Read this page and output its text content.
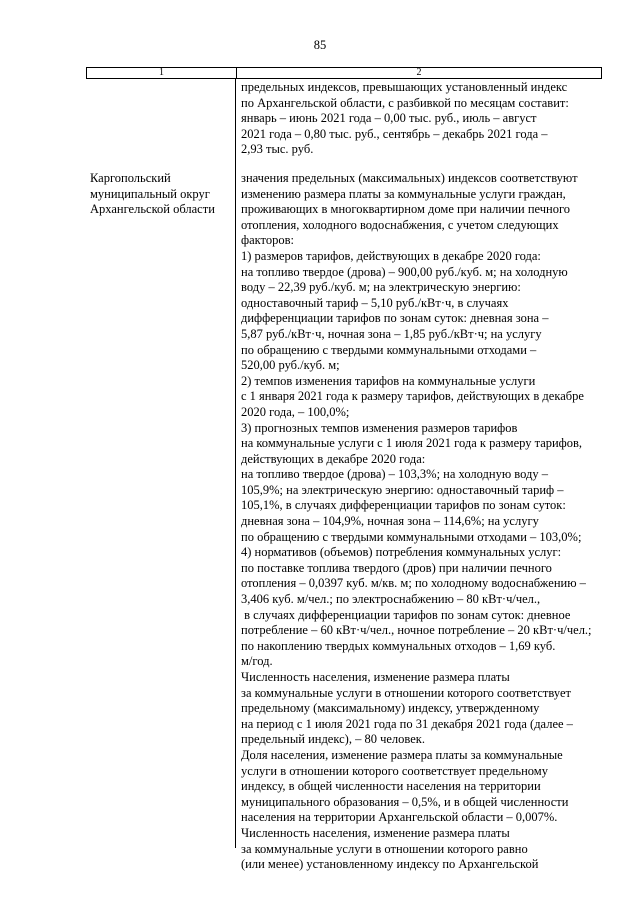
85
1	2
предельных индексов, превышающих установленный индекс
по Архангельской области, с разбивкой по месяцам составит:
январь – июнь 2021 года – 0,00 тыс. руб., июль – август
2021 года – 0,80 тыс. руб., сентябрь – декабрь 2021 года –
2,93 тыс. руб.
Каргопольский
муниципальный округ
Архангельской области
значения предельных (максимальных) индексов соответствуют
изменению размера платы за коммунальные услуги граждан,
проживающих в многоквартирном доме при наличии печного
отопления, холодного водоснабжения, с учетом следующих
факторов:
1) размеров тарифов, действующих в декабре 2020 года:
на топливо твердое (дрова) – 900,00 руб./куб. м; на холодную
воду – 22,39 руб./куб. м; на электрическую энергию:
одноставочный тариф – 5,10 руб./кВт·ч, в случаях
дифференциации тарифов по зонам суток: дневная зона –
5,87 руб./кВт·ч, ночная зона – 1,85 руб./кВт·ч; на услугу
по обращению с твердыми коммунальными отходами –
520,00 руб./куб. м;
2) темпов изменения тарифов на коммунальные услуги
с 1 января 2021 года к размеру тарифов, действующих в декабре
2020 года, – 100,0%;
3) прогнозных темпов изменения размеров тарифов
на коммунальные услуги с 1 июля 2021 года к размеру тарифов,
действующих в декабре 2020 года:
на топливо твердое (дрова) – 103,3%; на холодную воду –
105,9%; на электрическую энергию: одноставочный тариф –
105,1%, в случаях дифференциации тарифов по зонам суток:
дневная зона – 104,9%, ночная зона – 114,6%; на услугу
по обращению с твердыми коммунальными отходами – 103,0%;
4) нормативов (объемов) потребления коммунальных услуг:
по поставке топлива твердого (дров) при наличии печного
отопления – 0,0397 куб. м/кв. м; по холодному водоснабжению –
3,406 куб. м/чел.; по электроснабжению – 80 кВт·ч/чел.,
в случаях дифференциации тарифов по зонам суток: дневное
потребление – 60 кВт·ч/чел., ночное потребление – 20 кВт·ч/чел.;
по накоплению твердых коммунальных отходов – 1,69 куб.
м/год.
Численность населения, изменение размера платы
за коммунальные услуги в отношении которого соответствует
предельному (максимальному) индексу, утвержденному
на период с 1 июля 2021 года по 31 декабря 2021 года (далее –
предельный индекс), – 80 человек.
Доля населения, изменение размера платы за коммунальные
услуги в отношении которого соответствует предельному
индексу, в общей численности населения на территории
муниципального образования – 0,5%, и в общей численности
населения на территории Архангельской области – 0,007%.
Численность населения, изменение размера платы
за коммунальные услуги в отношении которого равно
(или менее) установленному индексу по Архангельской
